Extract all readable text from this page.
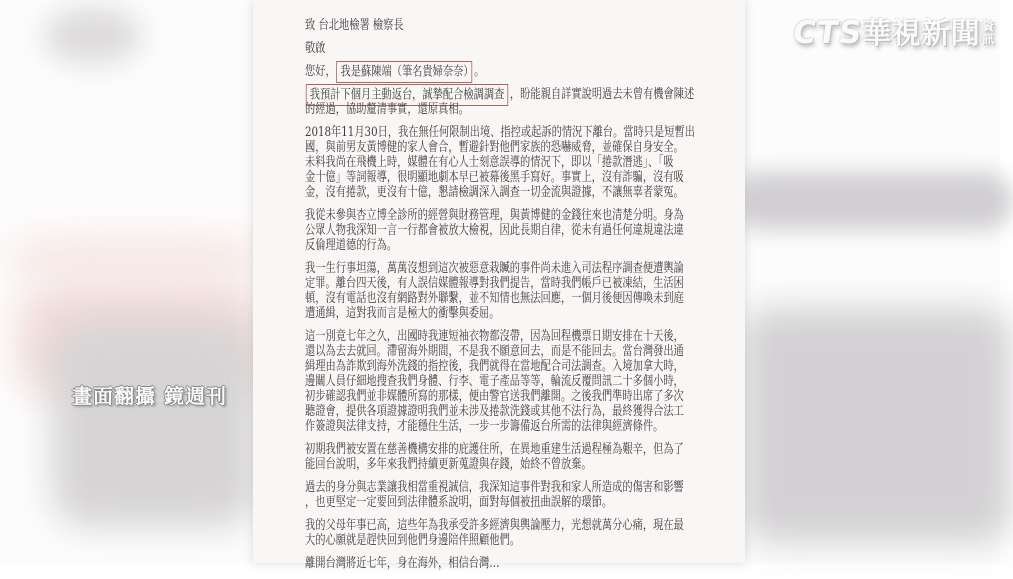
致 台北地檢署 檢察長
敬啟
您好， 我是蘇陳端（筆名貴婦奈奈） 。
我預計下個月主動返台，誠摯配合檢調調查 ，盼能親自詳實說明過去未曾有機會陳述
的經過，協助釐清事實，還原真相。
2018年11月30日，我在無任何限制出境、指控或起訴的情況下離台。當時只是短暫出
國，與前男友黃博健的家人會合，暫避針對他們家族的恐嚇威脅，並確保自身安全。
未料我尚在飛機上時，媒體在有心人士刻意誤導的情況下，即以「捲款潛逃」、「吸
金十億」等詞報導，很明顯地劇本早已被幕後黑手寫好。事實上，沒有詐騙，沒有吸
金，沒有捲款，更沒有十億，懇請檢調深入調查一切金流與證據，不讓無辜者蒙冤。
我從未參與杏立博全診所的經營與財務管理，與黃博健的金錢往來也清楚分明。身為
公眾人物我深知一言一行都會被放大檢視，因此長期自律，從未有過任何違規違法違
反倫理道德的行為。
我一生行事坦蕩，萬萬沒想到這次被惡意栽贓的事件尚未進入司法程序調查便遭輿論
定罪。離台四天後，有人誤信媒體報導對我們提告，當時我們帳戶已被凍結，生活困
頓，沒有電話也沒有網路對外聯繫，並不知情也無法回應，一個月後便因傳喚未到庭
遭通緝，這對我而言是極大的衝擊與委屈。
這一別竟七年之久，出國時我連短袖衣物都沒帶，因為回程機票日期安排在十天後，
還以為去去就回。滯留海外期間，不是我不願意回去，而是不能回去。當台灣發出通
緝理由為詐欺到海外洗錢的指控後，我們就得在當地配合司法調查。入境加拿大時，
邊關人員仔細地搜查我們身體、行李、電子產品等等，輪流反覆問訊二十多個小時，
初步確認我們並非媒體所寫的那樣，便由警官送我們離開。之後我們準時出席了多次
聽證會，提供各項證據證明我們並未涉及捲款洗錢或其他不法行為，最終獲得合法工
作簽證與法律支持，才能穩住生活，一步一步籌備返台所需的法律與經濟條件。
初期我們被安置在慈善機構安排的庇護住所，在異地重建生活過程極為艱辛，但為了
能回台說明，多年來我們持續更新蒐證與存錢，始終不曾放棄。
過去的身分與志業讓我相當重視誠信，我深知這事件對我和家人所造成的傷害和影響
，也更堅定一定要回到法律體系說明，面對每個被扭曲誤解的環節。
我的父母年事已高，這些年為我承受許多經濟與輿論壓力，光想就萬分心痛，現在最
大的心願就是趕快回到他們身邊陪伴照顧他們。
離開台灣將近七年，身在海外，相信台灣…
CTS
華視新聞 資
訊
畫面翻攝 鏡週刊
